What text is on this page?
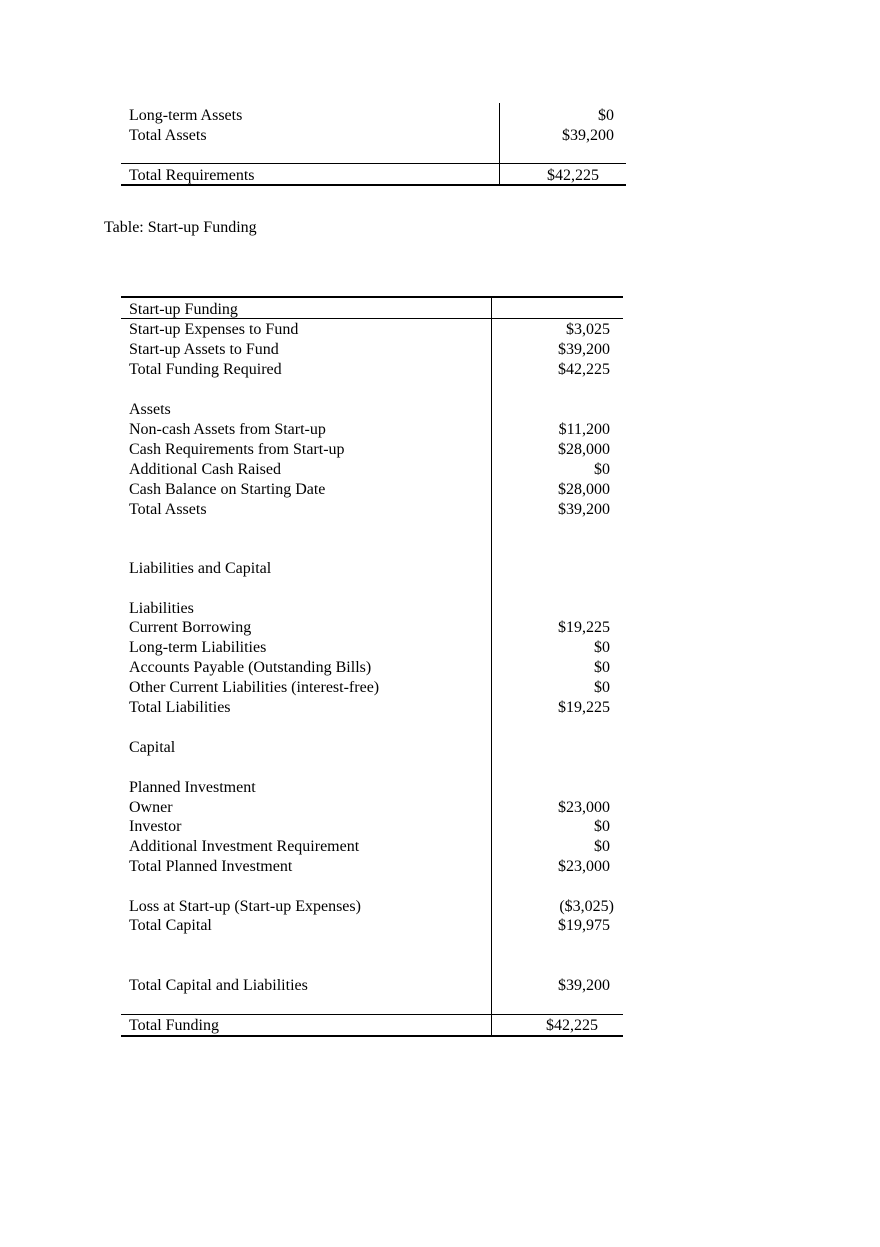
Long-term Assets	$0
Total Assets	$39,200
Total Requirements	$42,225
Table: Start-up Funding
Start-up Funding
Start-up Expenses to Fund	$3,025
Start-up Assets to Fund	$39,200
Total Funding Required	$42,225
Assets
Non-cash Assets from Start-up	$11,200
Cash Requirements from Start-up	$28,000
Additional Cash Raised	$0
Cash Balance on Starting Date	$28,000
Total Assets	$39,200
Liabilities and Capital
Liabilities
Current Borrowing	$19,225
Long-term Liabilities	$0
Accounts Payable (Outstanding Bills)	$0
Other Current Liabilities (interest-free)	$0
Total Liabilities	$19,225
Capital
Planned Investment
Owner	$23,000
Investor	$0
Additional Investment Requirement	$0
Total Planned Investment	$23,000
Loss at Start-up (Start-up Expenses)	($3,025)
Total Capital	$19,975
Total Capital and Liabilities	$39,200
Total Funding	$42,225
